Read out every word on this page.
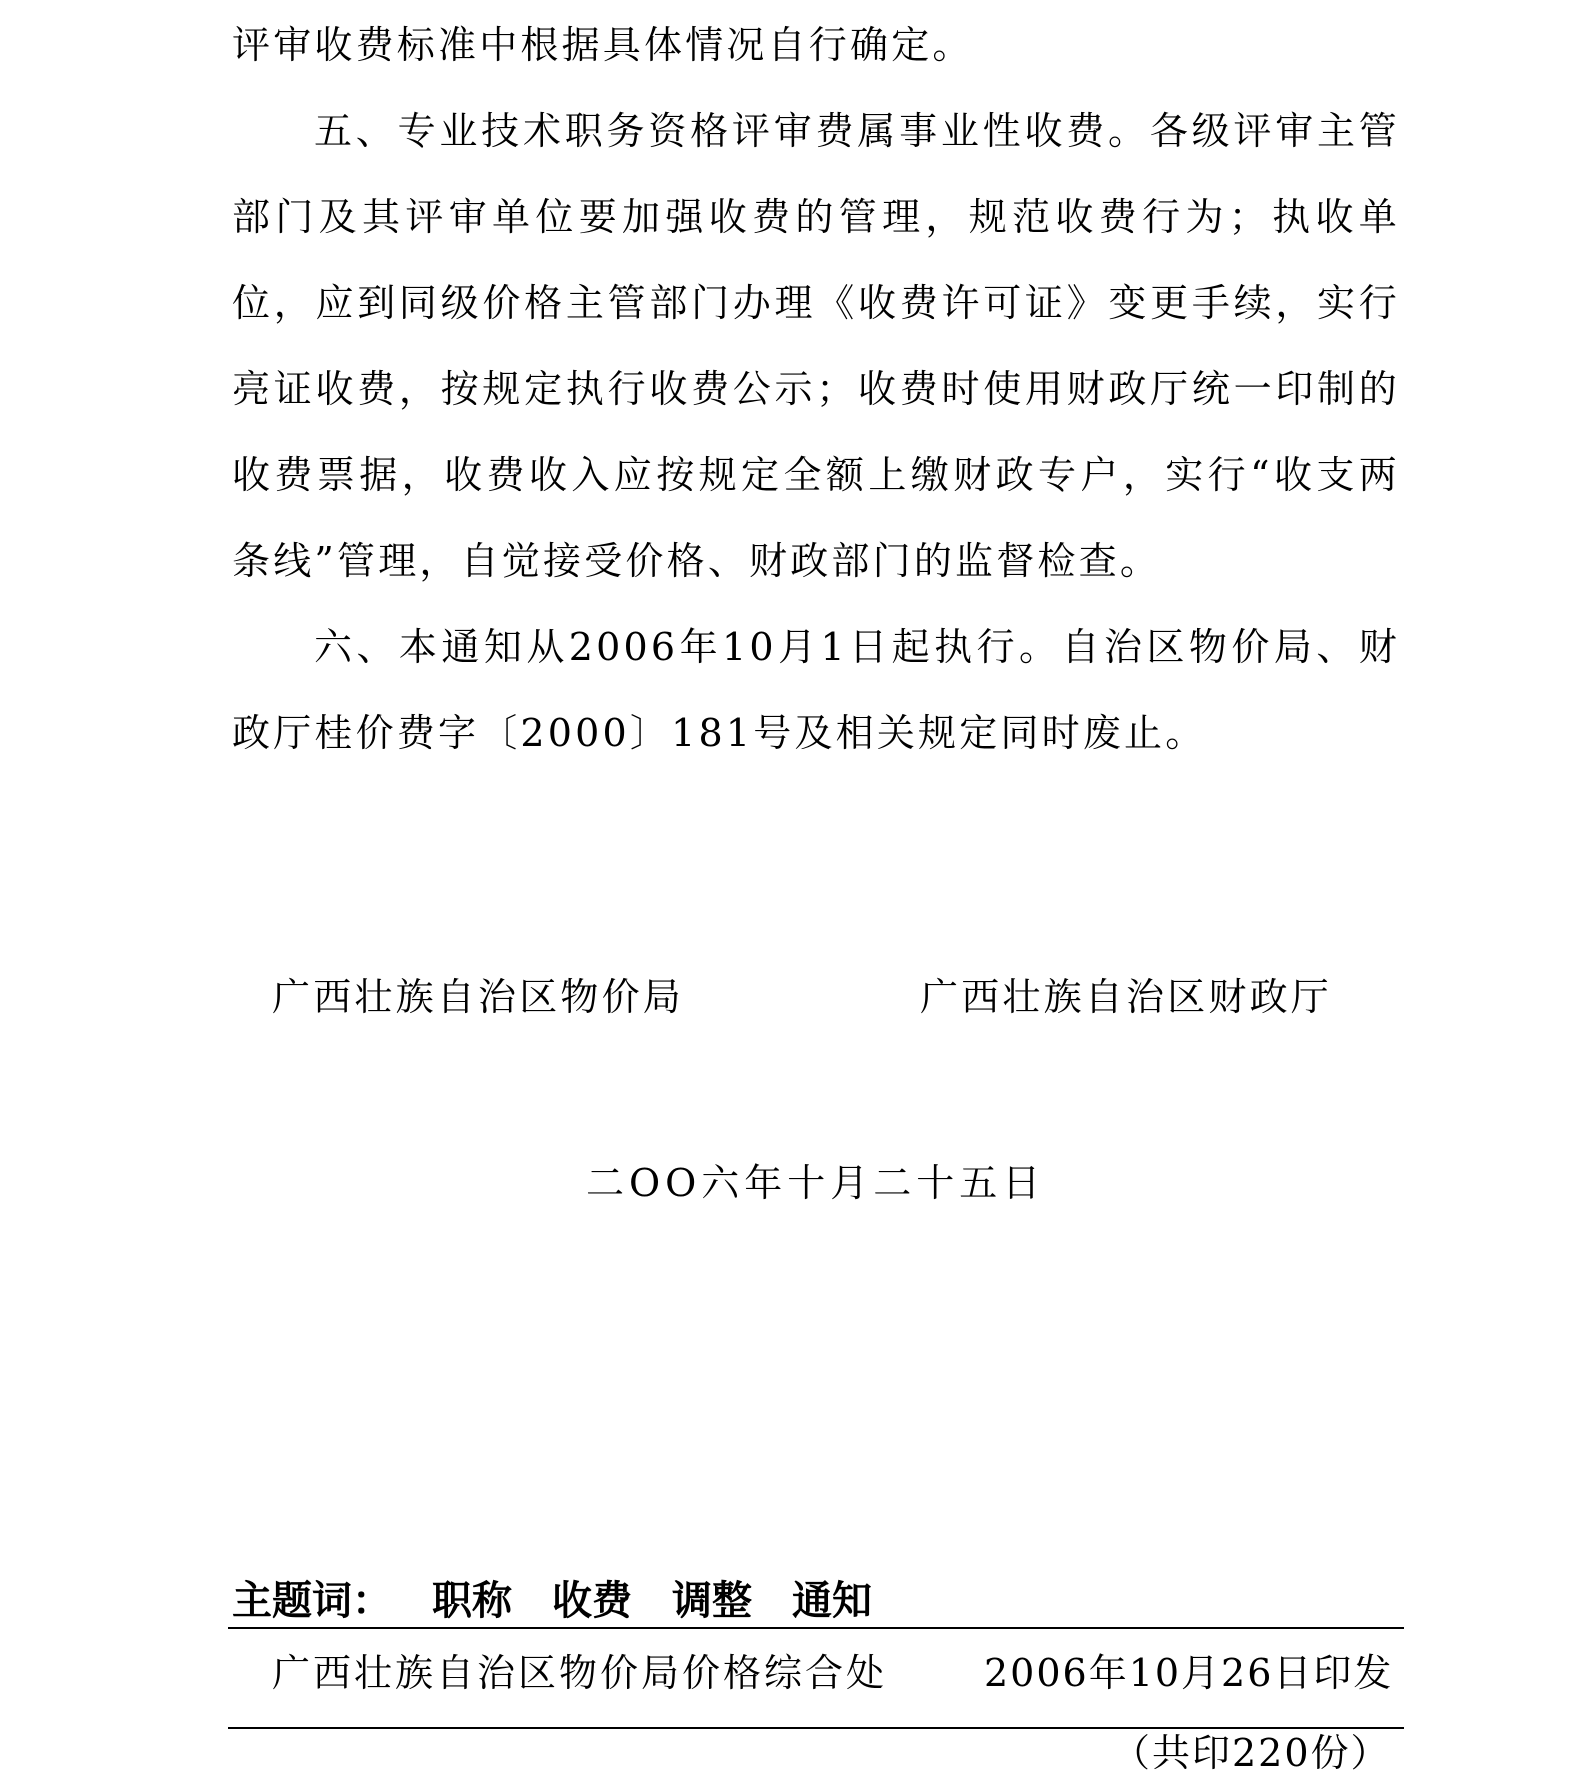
评审收费标准中根据具体情况自行确定。

五、专业技术职务资格评审费属事业性收费。各级评审主管部门及其评审单位要加强收费的管理，规范收费行为；执收单位，应到同级价格主管部门办理《收费许可证》变更手续，实行亮证收费，按规定执行收费公示；收费时使用财政厅统一印制的收费票据，收费收入应按规定全额上缴财政专户，实行“收支两条线”管理，自觉接受价格、财政部门的监督检查。

六、本通知从2006年10月1日起执行。自治区物价局、财政厅桂价费字〔2000〕181号及相关规定同时废止。

广西壮族自治区物价局	广西壮族自治区财政厅
二OO六年十月二十五日
主题词： 职称 收费 调整 通知
广西壮族自治区物价局价格综合处	2006年10月26日印发
（共印220份）
